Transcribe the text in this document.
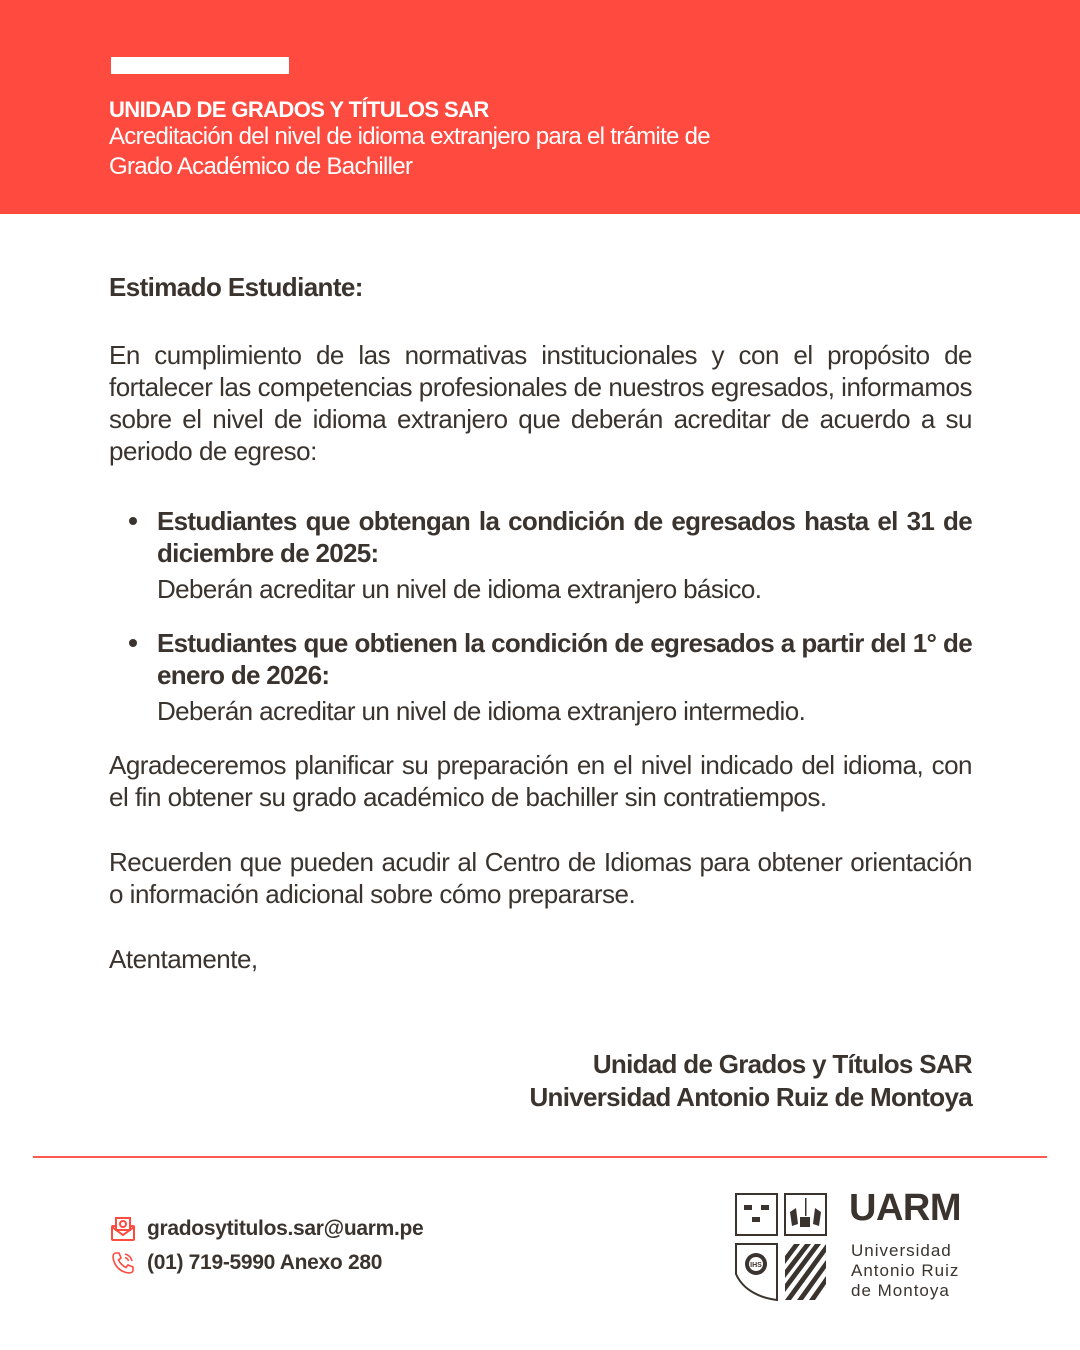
UNIDAD DE GRADOS Y TÍTULOS SAR
Acreditación del nivel de idioma extranjero para el trámite de
Grado Académico de Bachiller
Estimado Estudiante:

En cumplimiento de las normativas institucionales y con el propósito de fortalecer las competencias profesionales de nuestros egresados, informamos sobre el nivel de idioma extranjero que deberán acreditar de acuerdo a su periodo de egreso:

Estudiantes que obtengan la condición de egresados hasta el 31 de diciembre de 2025:
Deberán acreditar un nivel de idioma extranjero básico.
Estudiantes que obtienen la condición de egresados a partir del 1° de enero de 2026:
Deberán acreditar un nivel de idioma extranjero intermedio.

Agradeceremos planificar su preparación en el nivel indicado del idioma, con el fin obtener su grado académico de bachiller sin contratiempos.

Recuerden que pueden acudir al Centro de Idiomas para obtener orientación o información adicional sobre cómo prepararse.

Atentamente,

Unidad de Grados y Títulos SAR
Universidad Antonio Ruiz de Montoya
gradosytitulos.sar@uarm.pe
(01) 719-5990 Anexo 280	IHS
UARM
Universidad
Antonio Ruiz
de Montoya
